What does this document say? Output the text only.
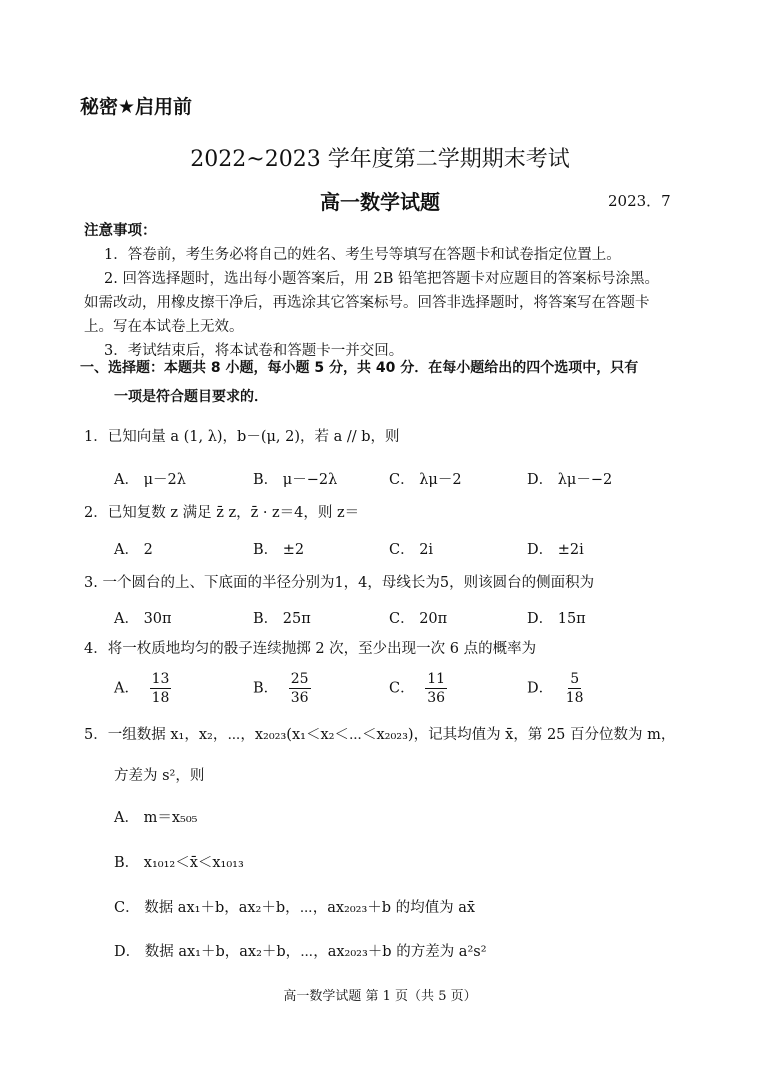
秘密★启用前
2022~2023 学年度第二学期期末考试
高一数学试题	2023．7
注意事项：
1．答卷前，考生务必将自己的姓名、考生号等填写在答题卡和试卷指定位置上。
2. 回答选择题时，选出每小题答案后，用 2B 铅笔把答题卡对应题目的答案标号涂黑。
如需改动，用橡皮擦干净后，再选涂其它答案标号。回答非选择题时，将答案写在答题卡
上。写在本试卷上无效。
3．考试结束后，将本试卷和答题卡一并交回。
一、选择题：本题共 8 小题，每小题 5 分，共 40 分．在每小题给出的四个选项中，只有
一项是符合题目要求的．
1．已知向量 a (1, λ)，b－(μ, 2)，若 a // b，则
A． μ－2λ	B． μ－−2λ	C． λμ－2	D． λμ－−2
2．已知复数 z 满足 z̄ z，z̄ · z＝4，则 z＝
A． 2	B． ±2	C． 2i	D． ±2i
3. 一个圆台的上、下底面的半径分别为1，4，母线长为5，则该圆台的侧面积为
A． 30π	B． 25π	C． 20π	D． 15π
4．将一枚质地均匀的骰子连续抛掷 2 次，至少出现一次 6 点的概率为
A． $\frac{13}{18}$	B． $\frac{25}{36}$	C． $\frac{11}{36}$	D． $\frac{5}{18}$
5．一组数据 x₁，x₂，⋯，x₂₀₂₃(x₁＜x₂＜⋯＜x₂₀₂₃)，记其均值为 x̄，第 25 百分位数为 m，
方差为 s²，则
A． m＝x₅₀₅
B． x₁₀₁₂＜x̄＜x₁₀₁₃
C． 数据 ax₁＋b，ax₂＋b，⋯，ax₂₀₂₃＋b 的均值为 ax̄
D． 数据 ax₁＋b，ax₂＋b，⋯，ax₂₀₂₃＋b 的方差为 a²s²
高一数学试题 第 1 页（共 5 页）
